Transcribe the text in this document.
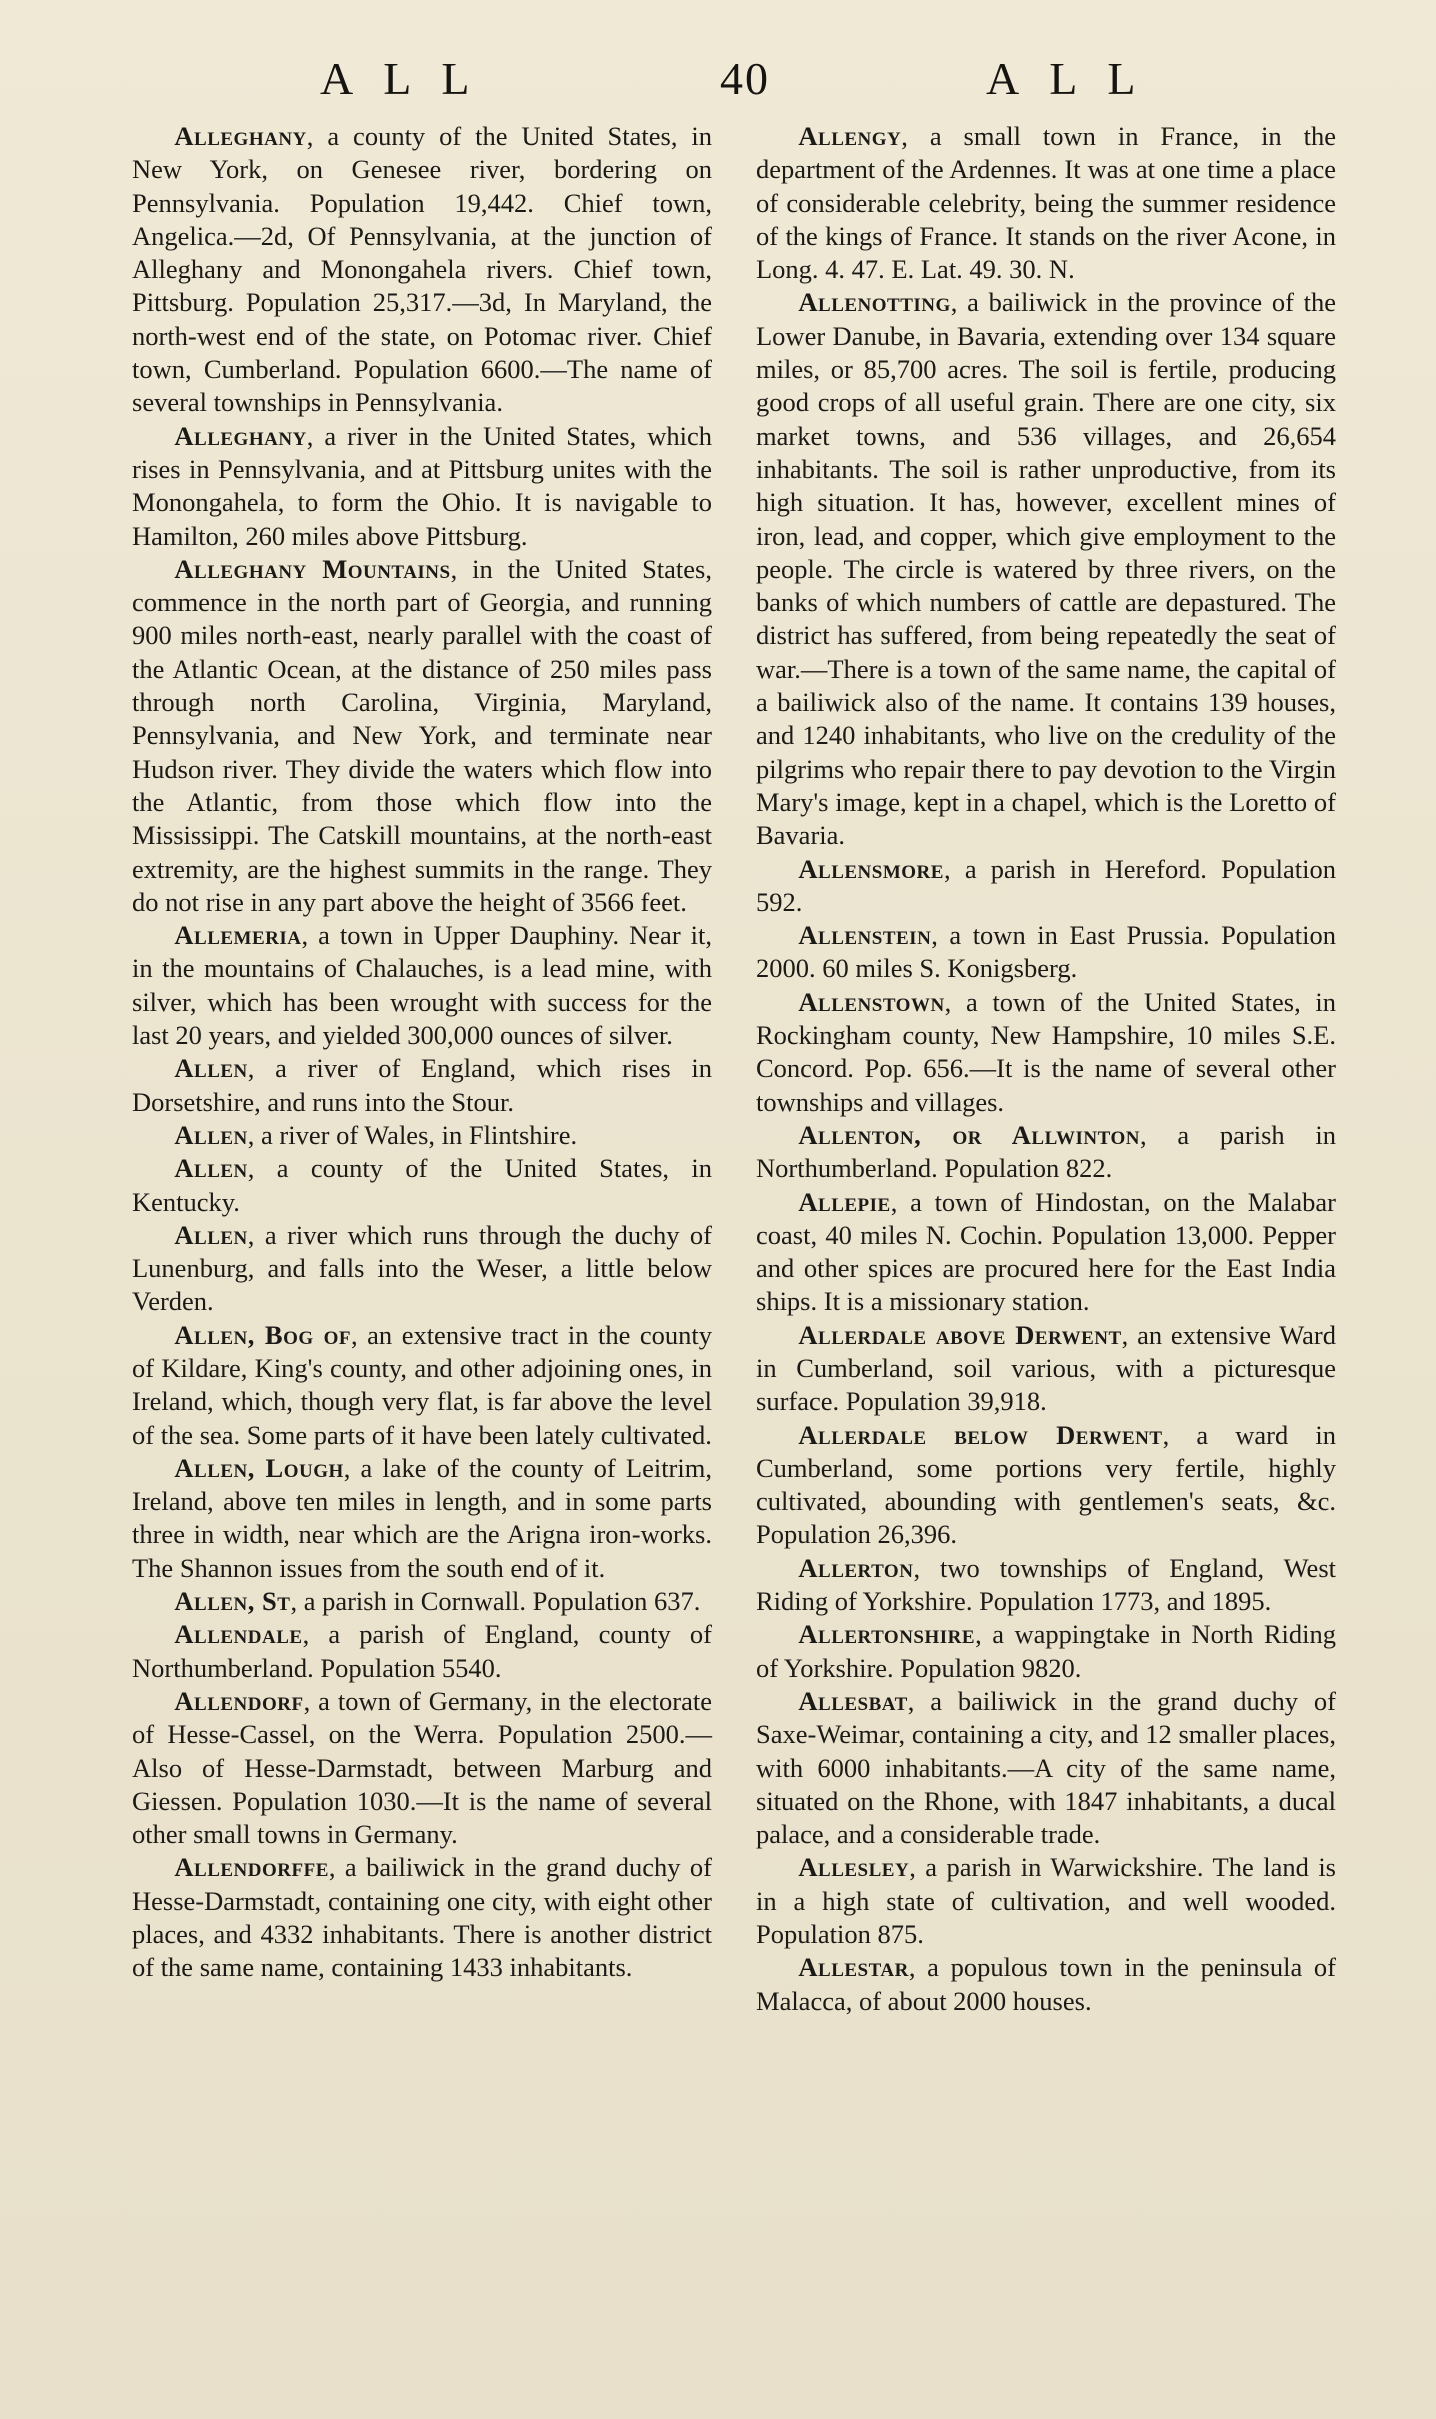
ALL	40	ALL

Alleghany, a county of the United States, in New York, on Genesee river, bordering on Pennsylvania. Population 19,442. Chief town, Angelica.—2d, Of Pennsylvania, at the junction of Alleghany and Monongahela rivers. Chief town, Pittsburg. Population 25,317.—3d, In Maryland, the north-west end of the state, on Potomac river. Chief town, Cumberland. Population 6600.—The name of several townships in Pennsylvania.

Alleghany, a river in the United States, which rises in Pennsylvania, and at Pittsburg unites with the Monongahela, to form the Ohio. It is navigable to Hamilton, 260 miles above Pittsburg.

Alleghany Mountains, in the United States, commence in the north part of Georgia, and running 900 miles north-east, nearly parallel with the coast of the Atlantic Ocean, at the distance of 250 miles pass through north Carolina, Virginia, Maryland, Pennsylvania, and New York, and terminate near Hudson river. They divide the waters which flow into the Atlantic, from those which flow into the Mississippi. The Catskill mountains, at the north-east extremity, are the highest summits in the range. They do not rise in any part above the height of 3566 feet.

Allemeria, a town in Upper Dauphiny. Near it, in the mountains of Chalauches, is a lead mine, with silver, which has been wrought with success for the last 20 years, and yielded 300,000 ounces of silver.

Allen, a river of England, which rises in Dorsetshire, and runs into the Stour.

Allen, a river of Wales, in Flintshire.

Allen, a county of the United States, in Kentucky.

Allen, a river which runs through the duchy of Lunenburg, and falls into the Weser, a little below Verden.

Allen, Bog of, an extensive tract in the county of Kildare, King's county, and other adjoining ones, in Ireland, which, though very flat, is far above the level of the sea. Some parts of it have been lately cultivated.

Allen, Lough, a lake of the county of Leitrim, Ireland, above ten miles in length, and in some parts three in width, near which are the Arigna iron-works. The Shannon issues from the south end of it.

Allen, St, a parish in Cornwall. Population 637.

Allendale, a parish of England, county of Northumberland. Population 5540.

Allendorf, a town of Germany, in the electorate of Hesse-Cassel, on the Werra. Population 2500.—Also of Hesse-Darmstadt, between Marburg and Giessen. Population 1030.—It is the name of several other small towns in Germany.

Allendorffe, a bailiwick in the grand duchy of Hesse-Darmstadt, containing one city, with eight other places, and 4332 inhabitants. There is another district of the same name, containing 1433 inhabitants.

Allengy, a small town in France, in the department of the Ardennes. It was at one time a place of considerable celebrity, being the summer residence of the kings of France. It stands on the river Acone, in Long. 4. 47. E. Lat. 49. 30. N.

Allenotting, a bailiwick in the province of the Lower Danube, in Bavaria, extending over 134 square miles, or 85,700 acres. The soil is fertile, producing good crops of all useful grain. There are one city, six market towns, and 536 villages, and 26,654 inhabitants. The soil is rather unproductive, from its high situation. It has, however, excellent mines of iron, lead, and copper, which give employment to the people. The circle is watered by three rivers, on the banks of which numbers of cattle are depastured. The district has suffered, from being repeatedly the seat of war.—There is a town of the same name, the capital of a bailiwick also of the name. It contains 139 houses, and 1240 inhabitants, who live on the credulity of the pilgrims who repair there to pay devotion to the Virgin Mary's image, kept in a chapel, which is the Loretto of Bavaria.

Allensmore, a parish in Hereford. Population 592.

Allenstein, a town in East Prussia. Population 2000. 60 miles S. Konigsberg.

Allenstown, a town of the United States, in Rockingham county, New Hampshire, 10 miles S.E. Concord. Pop. 656.—It is the name of several other townships and villages.

Allenton, or Allwinton, a parish in Northumberland. Population 822.

Allepie, a town of Hindostan, on the Malabar coast, 40 miles N. Cochin. Population 13,000. Pepper and other spices are procured here for the East India ships. It is a missionary station.

Allerdale above Derwent, an extensive Ward in Cumberland, soil various, with a picturesque surface. Population 39,918.

Allerdale below Derwent, a ward in Cumberland, some portions very fertile, highly cultivated, abounding with gentlemen's seats, &c. Population 26,396.

Allerton, two townships of England, West Riding of Yorkshire. Population 1773, and 1895.

Allertonshire, a wappingtake in North Riding of Yorkshire. Population 9820.

Allesbat, a bailiwick in the grand duchy of Saxe-Weimar, containing a city, and 12 smaller places, with 6000 inhabitants.—A city of the same name, situated on the Rhone, with 1847 inhabitants, a ducal palace, and a considerable trade.

Allesley, a parish in Warwickshire. The land is in a high state of cultivation, and well wooded. Population 875.

Allestar, a populous town in the peninsula of Malacca, of about 2000 houses.
